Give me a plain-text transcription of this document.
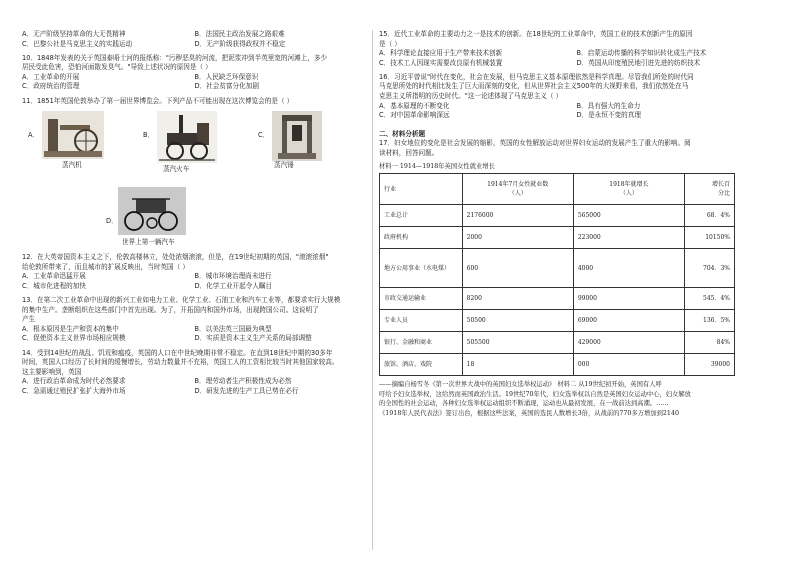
A．无产阶级坚持革命的大无畏精神	B．法国民主政治发展之路艰难
C．巴黎公社是马克思主义的实践运动	D．无产阶级获得政权并不稳定

10．1848年发表的关于英国泰晤士河的报纸称："污秽恶臭的河流，把泥浆冲到半英里宽的河滩上，多少

居民受此危害，恐怕河面散发臭气。"导致上述状况的原因是（ ）

A．工业革命的开展	B．人民缺乏环保意识
C．政府统治的管理	D．社会贫富分化加剧

11．1851年英国伦敦举办了第一届世界博览会。下列产品不可能出现在这次博览会的是（ ）

A．
蒸汽机
B．
蒸汽火车
C．
蒸汽锤
D．
世界上第一辆汽车

12．在大英帝国资本主义之下，伦敦高楼林立，处处浓烟滚滚，但是，在19世纪初期的英国，"滚滚浓烟"

给伦敦所带来了，而且城市的扩展反映出，当时英国（ ）

A．工业革命迅猛开展	B．城市环境治理尚未进行
C．城市化进程的加快	D．化学工业开起令人瞩目

13．在第二次工业革命中出现的新兴工业如电力工业、化学工业、石油工业和汽车工业等，都要求实行大规模

的集中生产。垄断组织在这些部门中首先出现。为了，开拓国内和国外市场，出现跨国公司。这说明了

产生

A．根本原因是生产和资本的集中	B．以美法英三国最为典型
C．促使资本主义世界市场相应规模	D．实质是资本主义生产关系的局部调整

14．受到14世纪的战乱、饥荒和瘟疫，英国的人口在中世纪晚期非常不稳定。在直到18世纪中期的30多年

时间，英国人口经历了长时间的缓慢增长，劳动力数量并不充裕，英国工人的工资相比较当时其他国家较高。

这主要影响到，英国

A．进行政治革命成为时代必然要求	B．理劳动者生产积极性成为必然
C．急需通过殖民扩张扩大海外市场	D．研发先进的生产工具已势在必行

15．近代工业革命的主要动力之一是技术的创新。在18世纪的工业革命中，英国工业的技术创新产生的原因

是（ ）

A．科学理论直接应用于生产带来技术创新	B．启蒙运动传播的科学知识转化成生产技术
C．技术工人因现实需要改良原有机械装置	D．英国从印度殖民地引进先进的纺织技术

16．习近平曾说"时代在变化，社会在发展，但马克思主义基本原理依然是科学真理。尽管我们所处的时代同

马克思所处的时代相比发生了巨大而深刻的变化，但从世界社会主义500年的大视野来看，我们依然处在马

克思主义所指明的历史时代。"这一论述体现了马克思主义（ ）

A．基本原理的不断变化	B．具有强大的生命力
C．对中国革命影响深远	D．是永恒不变的真理

二、材料分析题

17．妇女地位的变化是社会发展的缩影，英国的女性解放运动对世界妇女运动的发展产生了重大的影响。阅

读材料，回答问题。

材料一 1914—1918年英国女性就业增长

行业	1914年7月女性就业数
（人）	1918年就增长
（人）	增长百
分比
工业总计	2176000	565000	68．4%
政府机构	2000	223000	10150%
地方公用事业（水电煤）	600	4000	704．3%
市政交通运输业	8200	99000	545．4%
专业人员	50500	69000	136．5%
银行、金融和商业	505500	429000	84%
旅馆、酒店、戏院	18	000	39000

——摘编自杨雪冬《第一次世界大战中的英国妇女选举权运动》 材料二 从19世纪初开始，英国有人呼

吁给予妇女选举权，这给然而英国政治生活。19世纪70年代，妇女选举权以自然是英国妇女运动中心，妇女解放

的全国性的社会运动，各种妇女选举权运动组织不断涌现，运动也从最初发展，在一战前达到高潮。……

《1918年人民代表法》签订出台，根据这些法案，英国的选民人数增长3倍，从战前的770多万增加到2140
